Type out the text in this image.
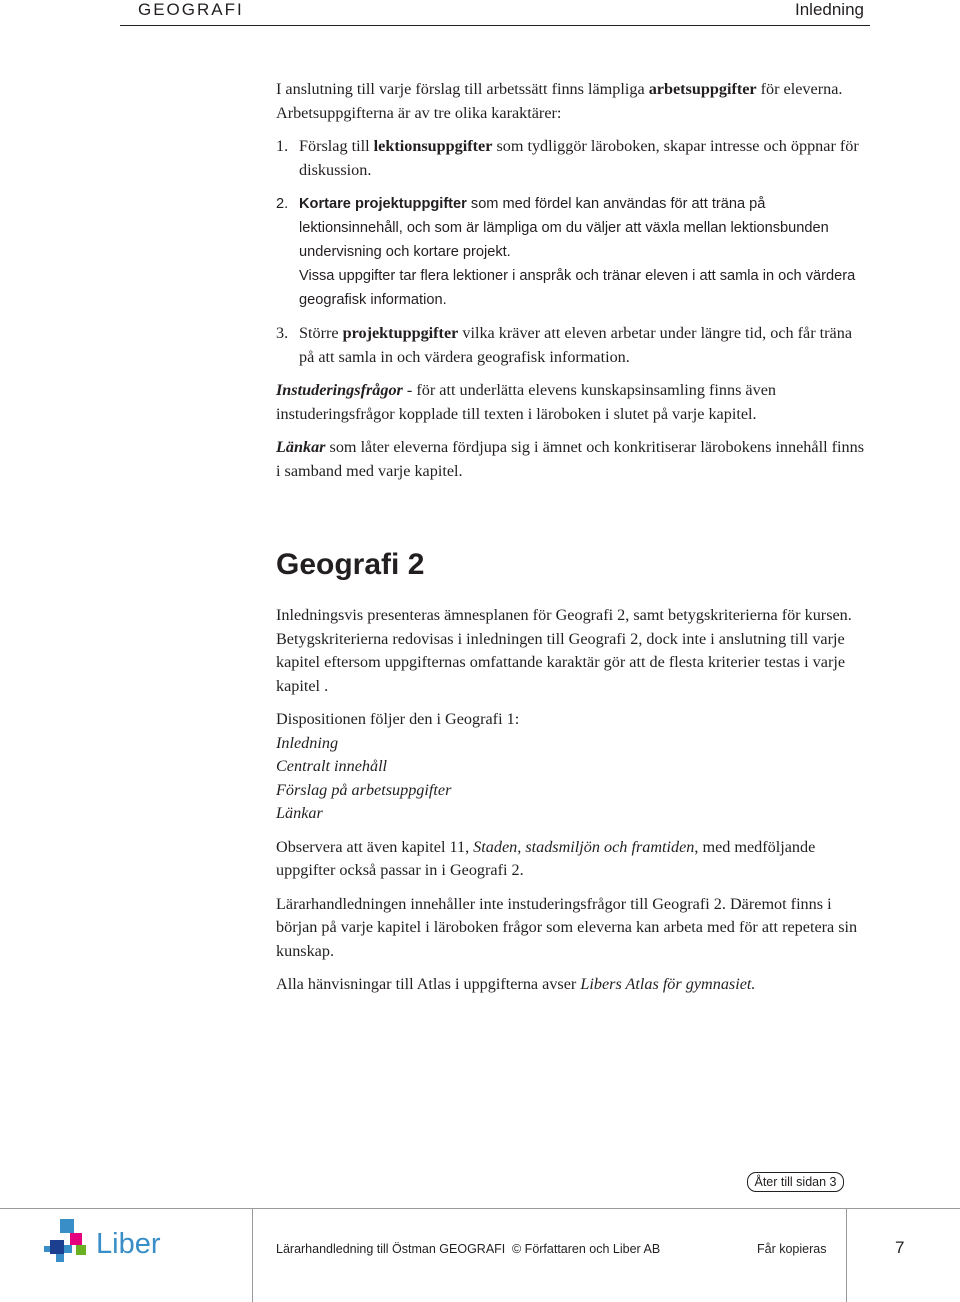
GEOGRAFI	Inledning

I anslutning till varje förslag till arbetssätt finns lämpliga arbetsuppgifter för eleverna. Arbetsuppgifterna är av tre olika karaktärer:

1. Förslag till lektionsuppgifter som tydliggör läroboken, skapar intresse och öppnar för diskussion.

2. Kortare projektuppgifter som med fördel kan användas för att träna på lektionsinnehåll, och som är lämpliga om du väljer att växla mellan lektionsbunden undervisning och kortare projekt.
Vissa uppgifter tar flera lektioner i anspråk och tränar eleven i att samla in och värdera geografisk information.

3. Större projektuppgifter vilka kräver att eleven arbetar under längre tid, och får träna på att samla in och värdera geografisk information.

Instuderingsfrågor - för att underlätta elevens kunskapsinsamling finns även instuderingsfrågor kopplade till texten i läroboken i slutet på varje kapitel.

Länkar som låter eleverna fördjupa sig i ämnet och konkritiserar lärobokens innehåll finns i samband med varje kapitel.

Geografi 2

Inledningsvis presenteras ämnesplanen för Geografi 2, samt betygskriterierna för kursen. Betygskriterierna redovisas i inledningen till Geografi 2, dock inte i anslutning till varje kapitel eftersom uppgifternas omfattande karaktär gör att de flesta kriterier testas i varje kapitel .

Dispositionen följer den i Geografi 1:
Inledning
Centralt innehåll
Förslag på arbetsuppgifter
Länkar

Observera att även kapitel 11, Staden, stadsmiljön och framtiden, med medföljande uppgifter också passar in i Geografi 2.

Lärarhandledningen innehåller inte instuderingsfrågor till Geografi 2. Däremot finns i början på varje kapitel i läroboken frågor som eleverna kan arbeta med för att repetera sin kunskap.

Alla hänvisningar till Atlas i uppgifterna avser Libers Atlas för gymnasiet.

Åter till sidan 3
Liber	Lärarhandledning till Östman GEOGRAFI © Författaren och Liber AB	Får kopieras	7
